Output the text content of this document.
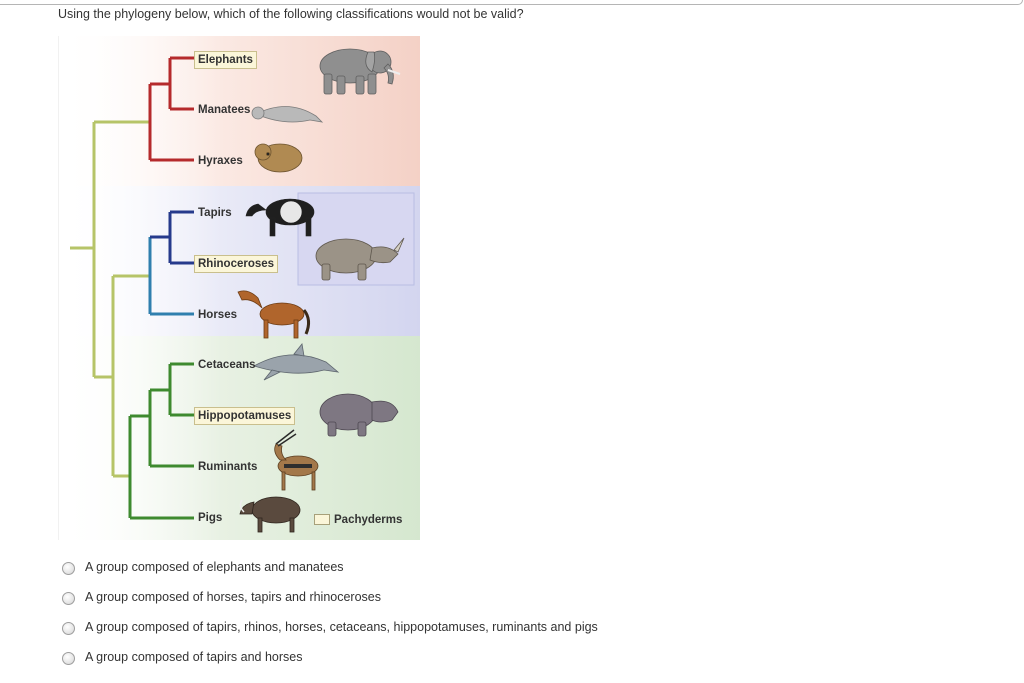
Using the phylogeny below, which of the following classifications would not be valid?
Elephants
Manatees
Hyraxes
Tapirs
Rhinoceroses
Horses
Cetaceans
Hippopotamuses
Ruminants
Pigs	Pachyderms
A group composed of elephants and manatees
A group composed of horses, tapirs and rhinoceroses
A group composed of tapirs, rhinos, horses, cetaceans, hippopotamuses, ruminants and pigs
A group composed of tapirs and horses
